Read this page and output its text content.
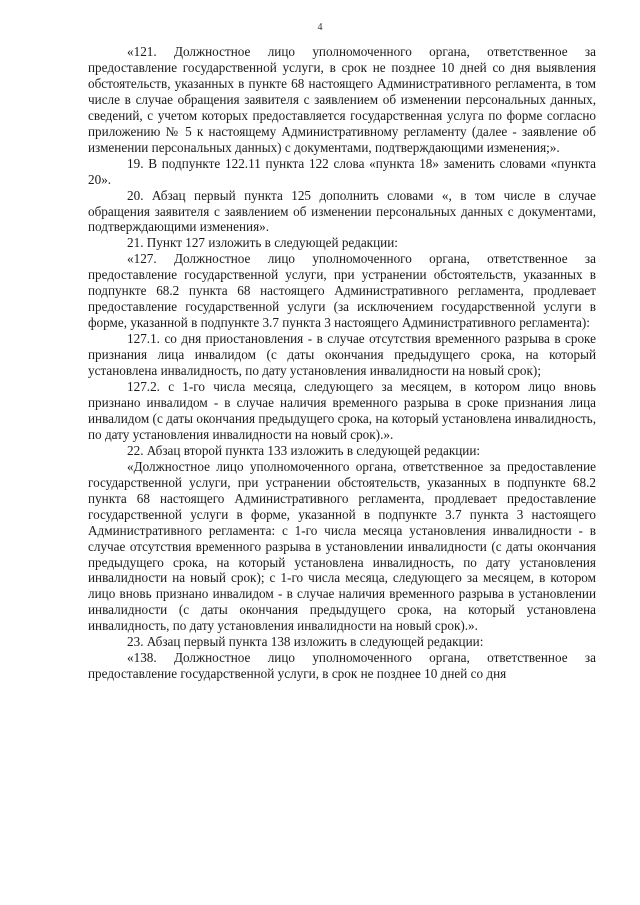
4

«121. Должностное лицо уполномоченного органа, ответственное за предоставление государственной услуги, в срок не позднее 10 дней со дня выявления обстоятельств, указанных в пункте 68 настоящего Административного регламента, в том числе в случае обращения заявителя с заявлением об изменении персональных данных, сведений, с учетом которых предоставляется государственная услуга по форме согласно приложению № 5 к настоящему Административному регламенту (далее - заявление об изменении персональных данных) с документами, подтверждающими изменения;».

19. В подпункте 122.11 пункта 122 слова «пункта 18» заменить словами «пункта 20».

20. Абзац первый пункта 125 дополнить словами «, в том числе в случае обращения заявителя с заявлением об изменении персональных данных с документами, подтверждающими изменения».

21. Пункт 127 изложить в следующей редакции:

«127. Должностное лицо уполномоченного органа, ответственное за предоставление государственной услуги, при устранении обстоятельств, указанных в подпункте 68.2 пункта 68 настоящего Административного регламента, продлевает предоставление государственной услуги (за исключением государственной услуги в форме, указанной в подпункте 3.7 пункта 3 настоящего Административного регламента):

127.1. со дня приостановления - в случае отсутствия временного разрыва в сроке признания лица инвалидом (с даты окончания предыдущего срока, на который установлена инвалидность, по дату установления инвалидности на новый срок);

127.2. с 1-го числа месяца, следующего за месяцем, в котором лицо вновь признано инвалидом - в случае наличия временного разрыва в сроке признания лица инвалидом (с даты окончания предыдущего срока, на который установлена инвалидность, по дату установления инвалидности на новый срок).».

22. Абзац второй пункта 133 изложить в следующей редакции:

«Должностное лицо уполномоченного органа, ответственное за предоставление государственной услуги, при устранении обстоятельств, указанных в подпункте 68.2 пункта 68 настоящего Административного регламента, продлевает предоставление государственной услуги в форме, указанной в подпункте 3.7 пункта 3 настоящего Административного регламента: с 1-го числа месяца установления инвалидности - в случае отсутствия временного разрыва в установлении инвалидности (с даты окончания предыдущего срока, на который установлена инвалидность, по дату установления инвалидности на новый срок); с 1-го числа месяца, следующего за месяцем, в котором лицо вновь признано инвалидом - в случае наличия временного разрыва в установлении инвалидности (с даты окончания предыдущего срока, на который установлена инвалидность, по дату установления инвалидности на новый срок).».

23. Абзац первый пункта 138 изложить в следующей редакции:

«138. Должностное лицо уполномоченного органа, ответственное за предоставление государственной услуги, в срок не позднее 10 дней со дня
